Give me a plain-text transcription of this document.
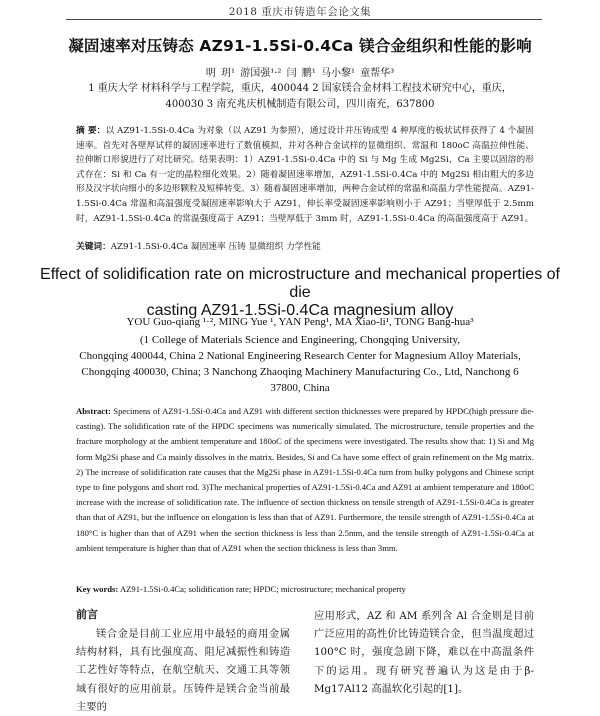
2018 重庆市铸造年会论文集
凝固速率对压铸态 AZ91-1.5Si-0.4Ca 镁合金组织和性能的影响
明 玥¹ 游国强¹·² 闫 鹏¹ 马小黎¹ 童帮华³
1 重庆大学 材料科学与工程学院，重庆，400044 2 国家镁合金材料工程技术研究中心，重庆，
400030 3 南充兆庆机械制造有限公司，四川南充，637800
摘 要：以 AZ91-1.5Si-0.4Ca 为对象（以 AZ91 为参照），通过设计并压铸成型 4 种厚度的板状试样获得了 4 个凝固速率。首先对各壁厚试样的凝固速率进行了数值模拟，并对各种合金试样的显微组织、常温和 180oC 高温拉伸性能、拉伸断口形貌进行了对比研究。结果表明：1）AZ91-1.5Si-0.4Ca 中的 Si 与 Mg 生成 Mg2Si，Ca 主要以固溶的形式存在：Si 和 Ca 有一定的晶粒细化效果。2）随着凝固速率增加，AZ91-1.5Si-0.4Ca 中的 Mg2Si 相由粗大的多边形及汉字状向细小的多边形颗粒及短棒转变。3）随着凝固速率增加，两种合金试样的常温和高温力学性能提高。AZ91-1.5Si-0.4Ca 常温和高温强度受凝固速率影响大于 AZ91，伸长率受凝固速率影响则小于 AZ91；当壁厚低于 2.5mm 时，AZ91-1.5Si-0.4Ca 的常温强度高于 AZ91；当壁厚低于 3mm 时，AZ91-1.5Si-0.4Ca 的高温强度高于 AZ91。
关键词：AZ91-1.5Si-0.4Ca 凝固速率 压铸 显微组织 力学性能
Effect of solidification rate on microstructure and mechanical properties of die
casting AZ91-1.5Si-0.4Ca magnesium alloy
YOU Guo-qiang ¹·², MING Yue ¹, YAN Peng¹, MA Xiao-li¹, TONG Bang-hua³
(1 College of Materials Science and Engineering, Chongqing University,
Chongqing 400044, China 2 National Engineering Research Center for Magnesium Alloy Materials,
Chongqing 400030, China; 3 Nanchong Zhaoqing Machinery Manufacturing Co., Ltd, Nanchong 6
37800, China
Abstract: Specimens of AZ91-1.5Si-0.4Ca and AZ91 with different section thicknesses were prepared by HPDC(high pressure die-casting). The solidification rate of the HPDC specimens was numerically simulated. The microstructure, tensile properties and the fracture morphology at the ambient temperature and 180oC of the specimens were investigated. The results show that: 1) Si and Mg form Mg2Si phase and Ca mainly dissolves in the matrix. Besides, Si and Ca have some effect of grain refinement on the Mg matrix. 2) The increase of solidification rate causes that the Mg2Si phase in AZ91-1.5Si-0.4Ca turn from bulky polygons and Chinese script type to fine polygons and short rod. 3)The mechanical properties of AZ91-1.5Si-0.4Ca and AZ91 at ambient temperature and 180oC increase with the increase of solidification rate. The influence of section thickness on tensile strength of AZ91-1.5Si-0.4Ca is greater than that of AZ91, but the influence on elongation is less than that of AZ91. Furthermore, the tensile strength of AZ91-1.5Si-0.4Ca at 180°C is higher than that of AZ91 when the section thickness is less than 2.5mm, and the tensile strength of AZ91-1.5Si-0.4Ca at ambient temperature is higher than that of AZ91 when the section thickness is less than 3mm.
Key words: AZ91-1.5Si-0.4Ca; solidification rate; HPDC; microstructure; mechanical property
前言
镁合金是目前工业应用中最轻的商用金属结构材料，具有比强度高、阻尼减振性和铸造工艺性好等特点，在航空航天、交通工具等领域有很好的应用前景。压铸件是镁合金当前最主要的
应用形式，AZ 和 AM 系列含 Al 合金则是目前广泛应用的高性价比铸造镁合金，但当温度超过100°C 时，强度急剧下降，难以在中高温条件下的运用。现有研究普遍认为这是由于β-Mg17Al12 高温软化引起的[1]。
